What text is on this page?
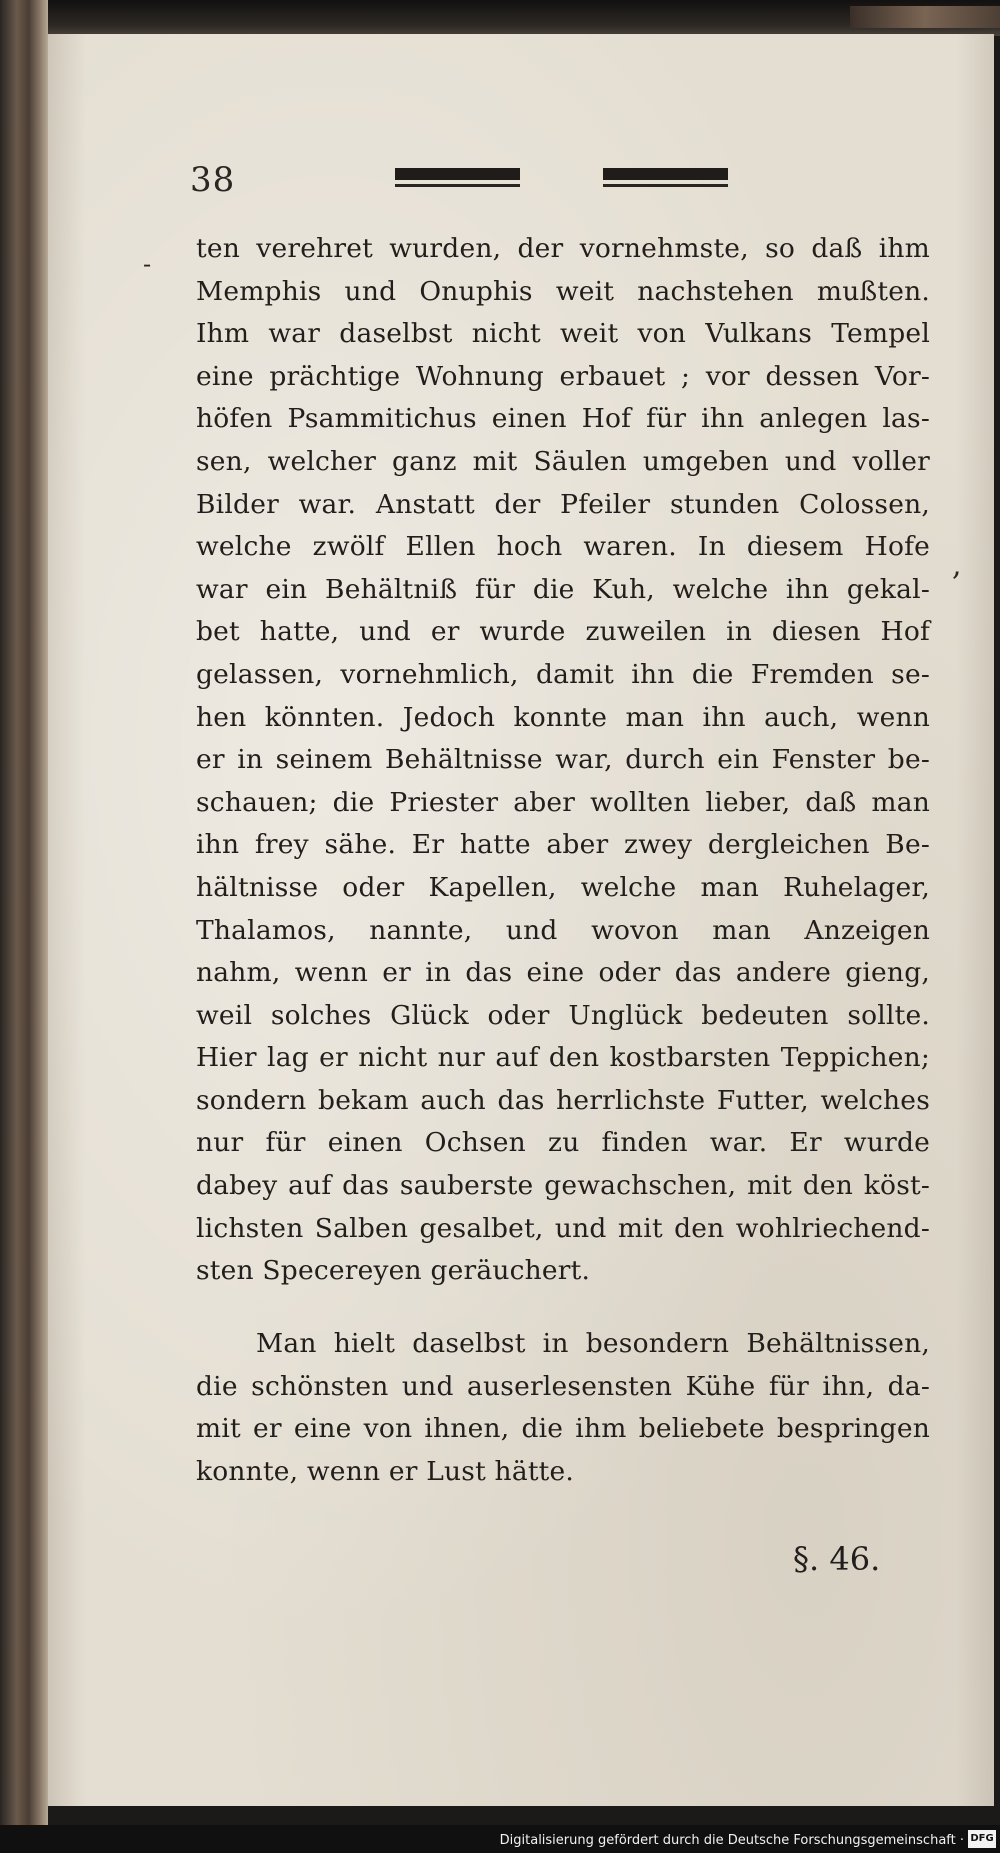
38
-
,
ten verehret wurden, der vornehmste, so daß ihm
Memphis und Onuphis weit nachstehen mußten.
Ihm war daselbst nicht weit von Vulkans Tempel
eine prächtige Wohnung erbauet ; vor dessen Vor-
höfen Psammitichus einen Hof für ihn anlegen las-
sen, welcher ganz mit Säulen umgeben und voller
Bilder war. Anstatt der Pfeiler stunden Colossen,
welche zwölf Ellen hoch waren. In diesem Hofe
war ein Behältniß für die Kuh, welche ihn gekal-
bet hatte, und er wurde zuweilen in diesen Hof
gelassen, vornehmlich, damit ihn die Fremden se-
hen könnten. Jedoch konnte man ihn auch, wenn
er in seinem Behältnisse war, durch ein Fenster be-
schauen; die Priester aber wollten lieber, daß man
ihn frey sähe. Er hatte aber zwey dergleichen Be-
hältnisse oder Kapellen, welche man Ruhelager,
Thalamos, nannte, und wovon man Anzeigen
nahm, wenn er in das eine oder das andere gieng,
weil solches Glück oder Unglück bedeuten sollte.
Hier lag er nicht nur auf den kostbarsten Teppichen;
sondern bekam auch das herrlichste Futter, welches
nur für einen Ochsen zu finden war. Er wurde
dabey auf das sauberste gewachschen, mit den köst-
lichsten Salben gesalbet, und mit den wohlriechend-
sten Specereyen geräuchert.
Man hielt daselbst in besondern Behältnissen,
die schönsten und auserlesensten Kühe für ihn, da-
mit er eine von ihnen, die ihm beliebete bespringen
konnte, wenn er Lust hätte.
§. 46.
Digitalisierung gefördert durch die Deutsche Forschungsgemeinschaft · DFG
